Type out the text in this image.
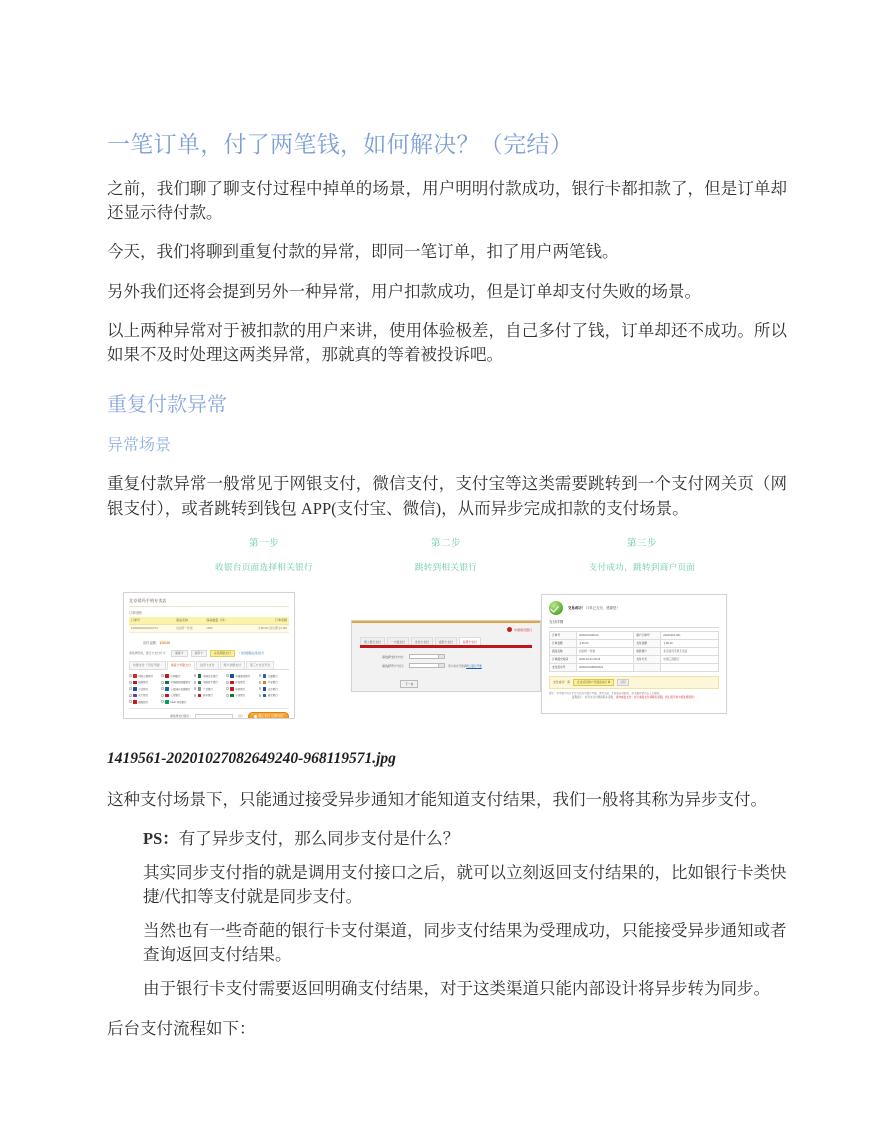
一笔订单，付了两笔钱，如何解决？（完结）

之前，我们聊了聊支付过程中掉单的场景，用户明明付款成功，银行卡都扣款了，但是订单却还显示待付款。

今天，我们将聊到重复付款的异常，即同一笔订单，扣了用户两笔钱。

另外我们还将会提到另外一种异常，用户扣款成功，但是订单却支付失败的场景。

以上两种异常对于被扣款的用户来讲，使用体验极差，自己多付了钱，订单却还不成功。所以如果不及时处理这两类异常，那就真的等着被投诉吧。

重复付款异常
异常场景

重复付款异常一般常见于网银支付，微信支付，支付宝等这类需要跳转到一个支付网关页（网银支付），或者跳转到钱包 APP(支付宝、微信)，从而异步完成扣款的支付场景。

第一步
收银台页面选择相关银行
第二步
跳转到相关银行
第三步
支付成功，跳转到商户页面
北京爱玛手机专卖店
订单明细
订单号	商品名称	商品数量（件）	订单金额
1120201001001A7Y2	自拍杆一件装	1000	￥80.00 (含运费￥0.00)
应付金额：￥80.00
请选择您的，银行卡支付方式：	储蓄卡	信用卡	在线网银支付	（支持银联在线支付）
快捷支付（无需开通）	储蓄卡网银支付	信用卡支付	账户余额支付	第三方支付平台
中国工商银行	中国银行	中国农业银行	中国建设银行	交通银行
招商银行	中国邮政储蓄银行	中国民生银行	中信银行	平安银行
兴业银行	上海浦东发展银行	广发银行	华夏银行	北京银行
光大银行	上海银行	杭州银行	宁波银行	南京银行
渤海银行	bank 其他银行
请选择支付银行：	（元）	确认支付 立即付款
中国建设银行
网上银行支付	一卡通支付	支付卡支付	虚拟卡支付	信用卡支付
请选择支付方式：
请选择开户分行：	用户尚未开通请网上银行开通
下一步
交易成功！ 订单已支付，感谢您！
支付详情
订单号	2020100100123	商户订单号	20201001-001
订单金额	￥80.00	支付金额	￥80.00
商品名称	自拍杆一件装	收款商户	北京爱玛手机专卖店
订单提交时间	2020-10-01 08:26	支付方式	中国工商银行
支付流水号	2020100108264924		
支付成功！请	点击返回商户页面查看订单	返回
提示：本页面为支付平台支付成功提示页面，请勿关闭，系统将自动跳转，如未跳转请点击上方按钮。
温馨提示：如有支付问题请联系客服，请勿重复支付！如已重复支付请联系客服，我们将尽快为您处理退款！
1419561-20201027082649240-968119571.jpg

这种支付场景下，只能通过接受异步通知才能知道支付结果，我们一般将其称为异步支付。

PS：有了异步支付，那么同步支付是什么？

其实同步支付指的就是调用支付接口之后，就可以立刻返回支付结果的，比如银行卡类快捷/代扣等支付就是同步支付。

当然也有一些奇葩的银行卡支付渠道，同步支付结果为受理成功，只能接受异步通知或者查询返回支付结果。

由于银行卡支付需要返回明确支付结果，对于这类渠道只能内部设计将异步转为同步。

后台支付流程如下：
